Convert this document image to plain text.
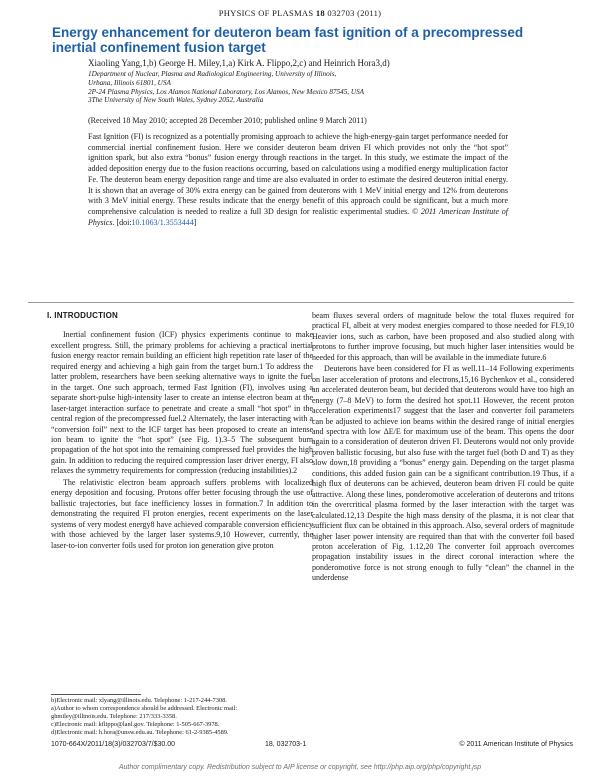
PHYSICS OF PLASMAS 18 032703 (2011)
Energy enhancement for deuteron beam fast ignition of a precompressed inertial confinement fusion target
Xiaoling Yang,1,b) George H. Miley,1,a) Kirk A. Flippo,2,c) and Heinrich Hora3,d)
1Department of Nuclear, Plasma and Radiological Engineering, University of Illinois,
Urbana, Illinois 61801, USA
2P-24 Plasma Physics, Los Alamos National Laboratory, Los Alamos, New Mexico 87545, USA
3The University of New South Wales, Sydney 2052, Australia
(Received 18 May 2010; accepted 28 December 2010; published online 9 March 2011)
Fast Ignition (FI) is recognized as a potentially promising approach to achieve the high-energy-gain target performance needed for commercial inertial confinement fusion. Here we consider deuteron beam driven FI which provides not only the “hot spot” ignition spark, but also extra “bonus” fusion energy through reactions in the target. In this study, we estimate the impact of the added deposition energy due to the fusion reactions occurring, based on calculations using a modified energy multiplication factor Fe. The deuteron beam energy deposition range and time are also evaluated in order to estimate the desired deuteron initial energy. It is shown that an average of 30% extra energy can be gained from deuterons with 1 MeV initial energy and 12% from deuterons with 3 MeV initial energy. These results indicate that the energy benefit of this approach could be significant, but a much more comprehensive calculation is needed to realize a full 3D design for realistic experimental studies. © 2011 American Institute of Physics. [doi:10.1063/1.3553444]
I. INTRODUCTION

Inertial confinement fusion (ICF) physics experiments continue to make excellent progress. Still, the primary problems for achieving a practical inertial fusion energy reactor remain building an efficient high repetition rate laser of the required energy and achieving a high gain from the target burn.1 To address the latter problem, researchers have been seeking alternative ways to ignite the fuel in the target. One such approach, termed Fast Ignition (FI), involves using a separate short-pulse high-intensity laser to create an intense electron beam at the laser-target interaction surface to penetrate and create a small “hot spot” in the central region of the precompressed fuel.2 Alternately, the laser interacting with a “conversion foil” next to the ICF target has been proposed to create an intense ion beam to ignite the “hot spot” (see Fig. 1).3–5 The subsequent burn propagation of the hot spot into the remaining compressed fuel provides the high gain. In addition to reducing the required compression laser driver energy, FI also relaxes the symmetry requirements for compression (reducing instabilities).2

The relativistic electron beam approach suffers problems with localized energy deposition and focusing. Protons offer better focusing through the use of ballistic trajectories, but face inefficiency losses in formation.7 In addition to demonstrating the required FI proton energies, recent experiments on the laser systems of very modest energy8 have achieved comparable conversion efficiency with those achieved by the larger laser systems.9,10 However, currently, the laser-to-ion converter foils used for proton ion generation give proton

beam fluxes several orders of magnitude below the total fluxes required for practical FI, albeit at very modest energies compared to those needed for FI.9,10 Heavier ions, such as carbon, have been proposed and also studied along with protons to further improve focusing, but much higher laser intensities would be needed for this approach, than will be available in the immediate future.6

Deuterons have been considered for FI as well.11–14 Following experiments on laser acceleration of protons and electrons,15,16 Bychenkov et al., considered an accelerated deuteron beam, but decided that deuterons would have too high an energy (7–8 MeV) to form the desired hot spot.11 However, the recent proton acceleration experiments17 suggest that the laser and converter foil parameters can be adjusted to achieve ion beams within the desired range of initial energies and spectra with low ΔE/E for maximum use of the beam. This opens the door again to a consideration of deuteron driven FI. Deuterons would not only provide proven ballistic focusing, but also fuse with the target fuel (both D and T) as they slow down,18 providing a “bonus” energy gain. Depending on the target plasma conditions, this added fusion gain can be a significant contribution.19 Thus, if a high flux of deuterons can be achieved, deuteron beam driven FI could be quite attractive. Along these lines, ponderomotive acceleration of deuterons and tritons in the overcritical plasma formed by the laser interaction with the target was calculated.12,13 Despite the high mass density of the plasma, it is not clear that sufficient flux can be obtained in this approach. Also, several orders of magnitude higher laser power intensity are required than that with the converter foil based proton acceleration of Fig. 1.12,20 The converter foil approach overcomes propagation instability issues in the direct coronal interaction where the ponderomotive force is not strong enough to fully “clean” the channel in the underdense

b)Electronic mail: xlyang@illinois.edu. Telephone: 1-217-244-7308.
a)Author to whom correspondence should be addressed. Electronic mail:
ghmiley@illinois.edu. Telephone: 217/333-3358.
c)Electronic mail: kflippo@lanl.gov. Telephone: 1-505-667-3978.
d)Electronic mail: h.hora@unsw.edu.au. Telephone: 61-2-9385-4589.
1070-664X/2011/18(3)/032703/7/$30.00	18, 032703-1	© 2011 American Institute of Physics
Author complimentary copy. Redistribution subject to AIP license or copyright, see http://php.aip.org/php/copyright.jsp
